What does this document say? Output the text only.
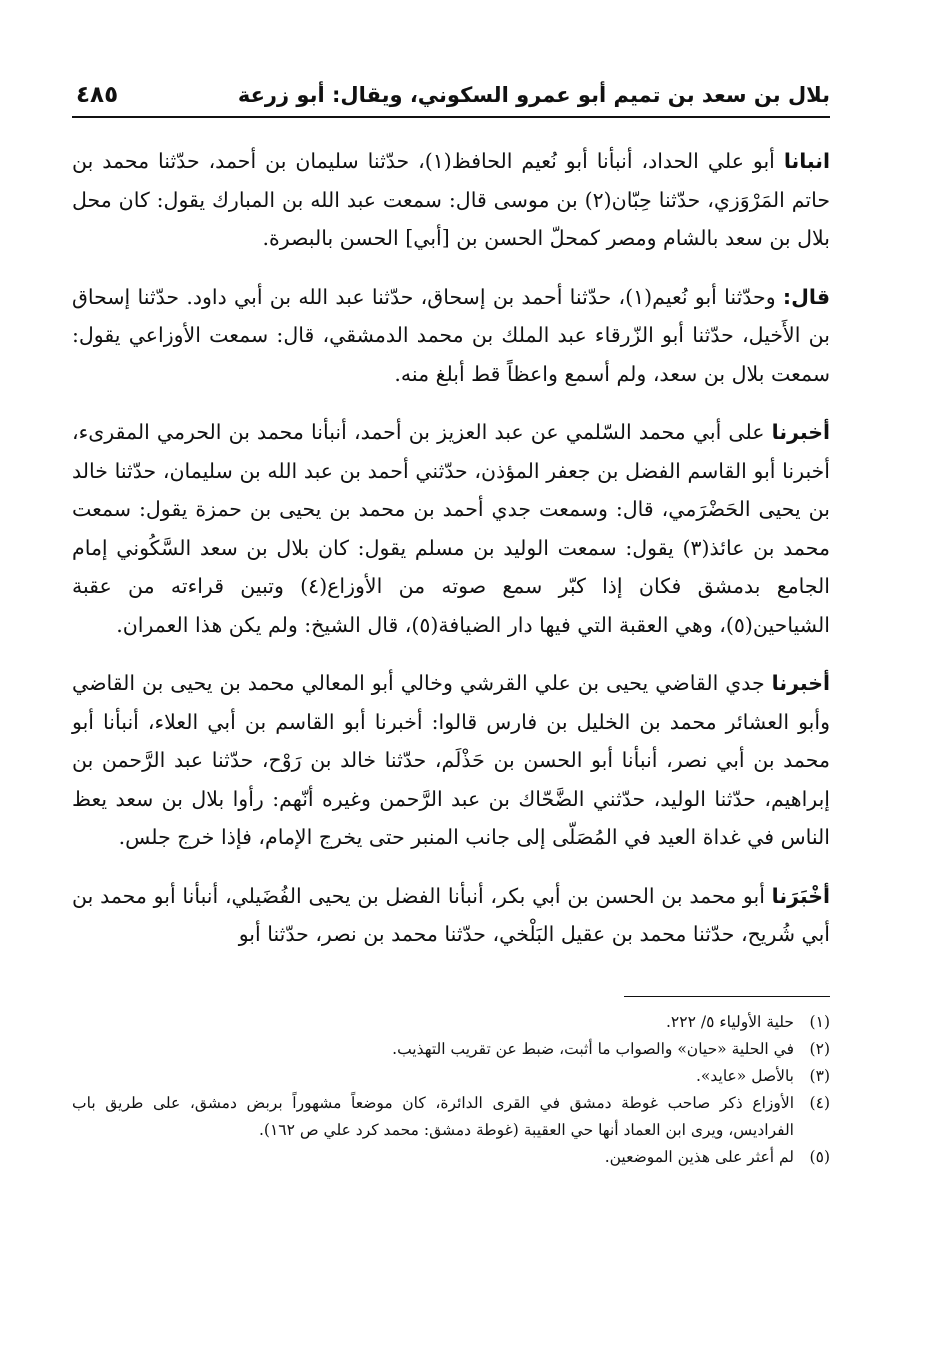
بلال بن سعد بن تميم أبو عمرو السكوني، ويقال: أبو زرعة
٤٨٥

انبانا أبو علي الحداد، أنبأنا أبو نُعيم الحافظ(١)، حدّثنا سليمان بن أحمد، حدّثنا محمد بن حاتم المَرْوَزي، حدّثنا حِبّان(٢) بن موسى قال: سمعت عبد الله بن المبارك يقول: كان محل بلال بن سعد بالشام ومصر كمحلّ الحسن بن [أبي] الحسن بالبصرة.

قال: وحدّثنا أبو نُعيم(١)، حدّثنا أحمد بن إسحاق، حدّثنا عبد الله بن أبي داود. حدّثنا إسحاق بن الأَخيل، حدّثنا أبو الزّرقاء عبد الملك بن محمد الدمشقي، قال: سمعت الأوزاعي يقول: سمعت بلال بن سعد، ولم أسمع واعظاً قط أبلغ منه.

أخبرنا على أبي محمد السّلمي عن عبد العزيز بن أحمد، أنبأنا محمد بن الحرمي المقرىء، أخبرنا أبو القاسم الفضل بن جعفر المؤذن، حدّثني أحمد بن عبد الله بن سليمان، حدّثنا خالد بن يحيى الحَضْرَمي، قال: وسمعت جدي أحمد بن محمد بن يحيى بن حمزة يقول: سمعت محمد بن عائذ(٣) يقول: سمعت الوليد بن مسلم يقول: كان بلال بن سعد السَّكُوني إمام الجامع بدمشق فكان إذا كبّر سمع صوته من الأوزاع(٤) وتبين قراءته من عقبة الشياحين(٥)، وهي العقبة التي فيها دار الضيافة(٥)، قال الشيخ: ولم يكن هذا العمران.

أخبرنا جدي القاضي يحيى بن علي القرشي وخالي أبو المعالي محمد بن يحيى بن القاضي وأبو العشائر محمد بن الخليل بن فارس قالوا: أخبرنا أبو القاسم بن أبي العلاء، أنبأنا أبو محمد بن أبي نصر، أنبأنا أبو الحسن بن حَذْلَم، حدّثنا خالد بن رَوْح، حدّثنا عبد الرَّحمن بن إبراهيم، حدّثنا الوليد، حدّثني الضَّحّاك بن عبد الرَّحمن وغيره أنّهم: رأوا بلال بن سعد يعظ الناس في غداة العيد في المُصَلّى إلى جانب المنبر حتى يخرج الإمام، فإذا خرج جلس.

أخْبَرَنا أبو محمد بن الحسن بن أبي بكر، أنبأنا الفضل بن يحيى الفُضَيلي، أنبأنا أبو محمد بن أبي شُريح، حدّثنا محمد بن عقيل البَلْخي، حدّثنا محمد بن نصر، حدّثنا أبو

(١)
حلية الأولياء ٥/ ٢٢٢.
(٢)
في الحلية «حيان» والصواب ما أثبت، ضبط عن تقريب التهذيب.
(٣)
بالأصل «عايد».
(٤)
الأوزاع ذكر صاحب غوطة دمشق في القرى الدائرة، كان موضعاً مشهوراً بربض دمشق، على طريق باب الفراديس، ويرى ابن العماد أنها حي العقيبة (غوطة دمشق: محمد كرد علي ص ١٦٢).
(٥)
لم أعثر على هذين الموضعين.
